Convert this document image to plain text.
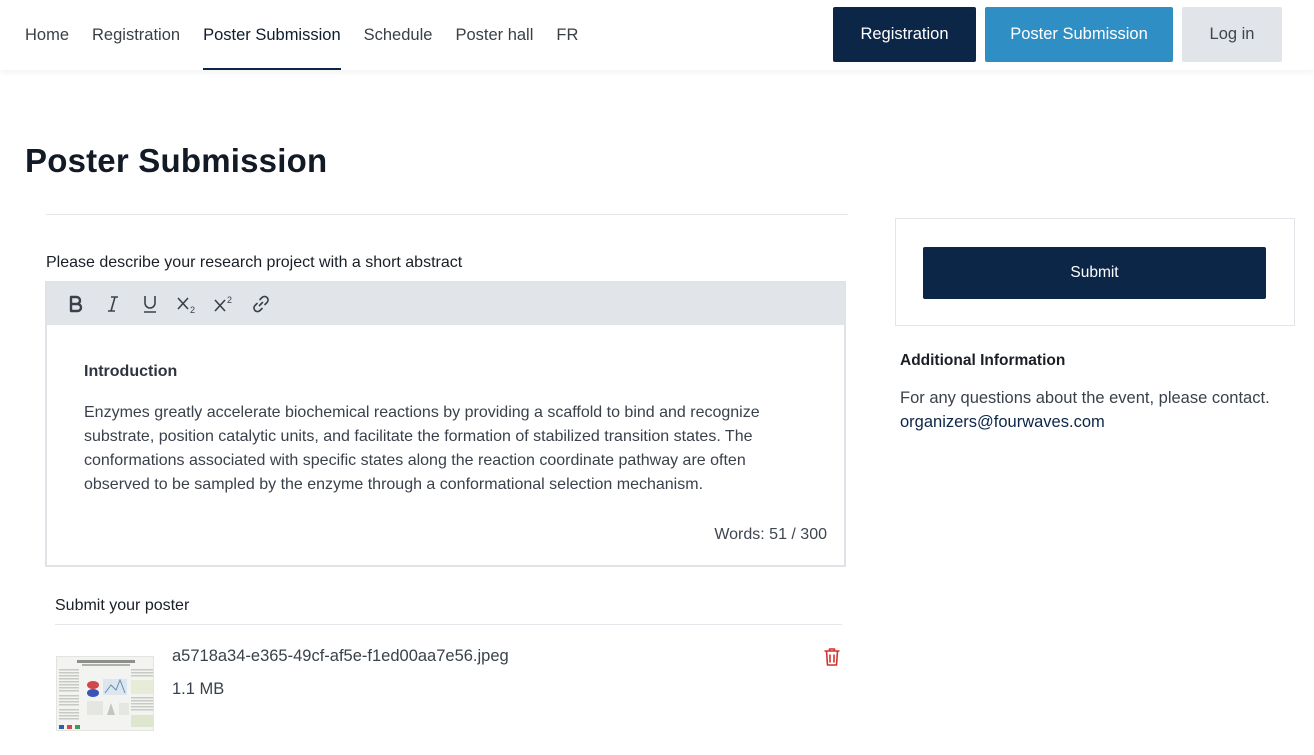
Home Registration Poster Submission Schedule Poster hall FR	Registration	Poster Submission	Log in
Poster Submission
Please describe your research project with a short abstract
2
2
Introduction
Enzymes greatly accelerate biochemical reactions by providing a scaffold to bind and recognize substrate, position catalytic units, and facilitate the formation of stabilized transition states. The conformations associated with specific states along the reaction coordinate pathway are often observed to be sampled by the enzyme through a conformational selection mechanism.
Words: 51 / 300
Submit your poster
a5718a34-e365-49cf-af5e-f1ed00aa7e56.jpeg
1.1 MB
Submit
Additional Information
For any questions about the event, please contact.
organizers@fourwaves.com
